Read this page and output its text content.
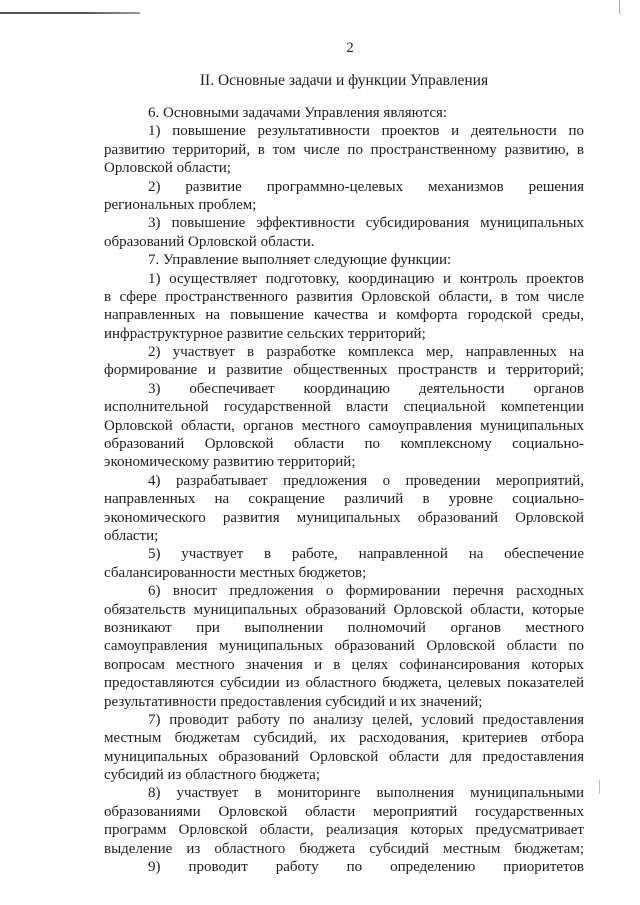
2
II. Основные задачи и функции Управления
6. Основными задачами Управления являются:
1) повышение результативности проектов и деятельности по
развитию территорий, в том числе по пространственному развитию, в
Орловской области;
2) развитие программно-целевых механизмов решения
региональных проблем;
3) повышение эффективности субсидирования муниципальных
образований Орловской области.
7. Управление выполняет следующие функции:
1) осуществляет подготовку, координацию и контроль проектов
в сфере пространственного развития Орловской области, в том числе
направленных на повышение качества и комфорта городской среды,
инфраструктурное развитие сельских территорий;
2) участвует в разработке комплекса мер, направленных на
формирование и развитие общественных пространств и территорий;
3) обеспечивает координацию деятельности органов
исполнительной государственной власти специальной компетенции
Орловской области, органов местного самоуправления муниципальных
образований Орловской области по комплексному социально-
экономическому развитию территорий;
4) разрабатывает предложения о проведении мероприятий,
направленных на сокращение различий в уровне социально-
экономического развития муниципальных образований Орловской
области;
5) участвует в работе, направленной на обеспечение
сбалансированности местных бюджетов;
6) вносит предложения о формировании перечня расходных
обязательств муниципальных образований Орловской области, которые
возникают при выполнении полномочий органов местного
самоуправления муниципальных образований Орловской области по
вопросам местного значения и в целях софинансирования которых
предоставляются субсидии из областного бюджета, целевых показателей
результативности предоставления субсидий и их значений;
7) проводит работу по анализу целей, условий предоставления
местным бюджетам субсидий, их расходования, критериев отбора
муниципальных образований Орловской области для предоставления
субсидий из областного бюджета;
8) участвует в мониторинге выполнения муниципальными
образованиями Орловской области мероприятий государственных
программ Орловской области, реализация которых предусматривает
выделение из областного бюджета субсидий местным бюджетам;
9) проводит работу по определению приоритетов
